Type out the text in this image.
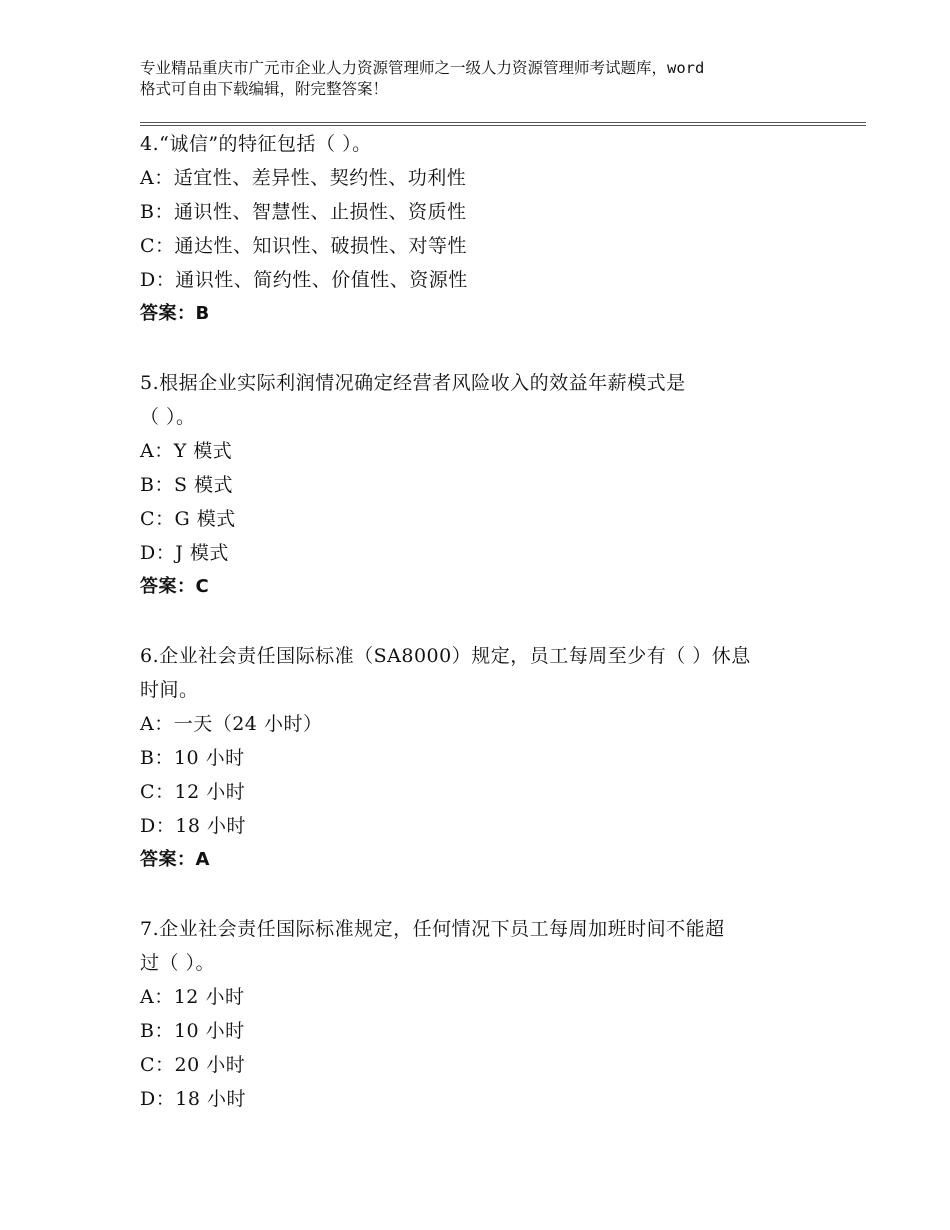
专业精品重庆市广元市企业人力资源管理师之一级人力资源管理师考试题库，word
格式可自由下载编辑，附完整答案！
4.“诚信”的特征包括（ ）。
A：适宜性、差异性、契约性、功利性
B：通识性、智慧性、止损性、资质性
C：通达性、知识性、破损性、对等性
D：通识性、简约性、价值性、资源性
答案：B
5.根据企业实际利润情况确定经营者风险收入的效益年薪模式是
（ ）。
A：Y 模式
B：S 模式
C：G 模式
D：J 模式
答案：C
6.企业社会责任国际标准（SA8000）规定，员工每周至少有（ ）休息
时间。
A：一天（24 小时）
B：10 小时
C：12 小时
D：18 小时
答案：A
7.企业社会责任国际标准规定，任何情况下员工每周加班时间不能超
过（ ）。
A：12 小时
B：10 小时
C：20 小时
D：18 小时
